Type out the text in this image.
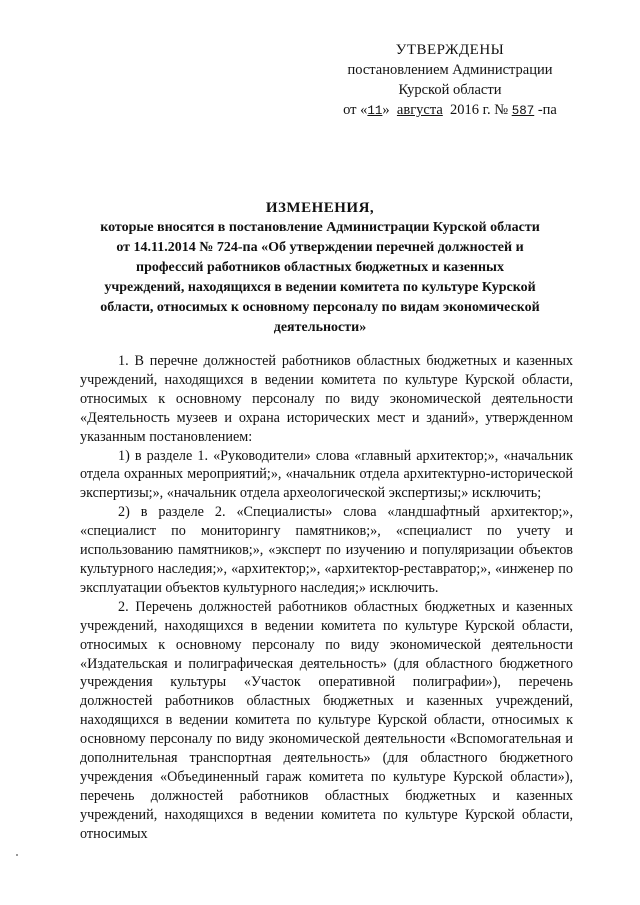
УТВЕРЖДЕНЫ
постановлением Администрации
Курской области
от «11» августа 2016 г. № 587 -па
ИЗМЕНЕНИЯ,
которые вносятся в постановление Администрации Курской области
от 14.11.2014 № 724-па «Об утверждении перечней должностей и
профессий работников областных бюджетных и казенных
учреждений, находящихся в ведении комитета по культуре Курской
области, относимых к основному персоналу по видам экономической
деятельности»

1. В перечне должностей работников областных бюджетных и казенных учреждений, находящихся в ведении комитета по культуре Курской области, относимых к основному персоналу по виду экономической деятельности «Деятельность музеев и охрана исторических мест и зданий», утвержденном указанным постановлением:

1) в разделе 1. «Руководители» слова «главный архитектор;», «начальник отдела охранных мероприятий;», «начальник отдела архитектурно-исторической экспертизы;», «начальник отдела археологической экспертизы;» исключить;

2) в разделе 2. «Специалисты» слова «ландшафтный архитектор;», «специалист по мониторингу памятников;», «специалист по учету и использованию памятников;», «эксперт по изучению и популяризации объектов культурного наследия;», «архитектор;», «архитектор-реставратор;», «инженер по эксплуатации объектов культурного наследия;» исключить.

2. Перечень должностей работников областных бюджетных и казенных учреждений, находящихся в ведении комитета по культуре Курской области, относимых к основному персоналу по виду экономической деятельности «Издательская и полиграфическая деятельность» (для областного бюджетного учреждения культуры «Участок оперативной полиграфии»), перечень должностей работников областных бюджетных и казенных учреждений, находящихся в ведении комитета по культуре Курской области, относимых к основному персоналу по виду экономической деятельности «Вспомогательная и дополнительная транспортная деятельность» (для областного бюджетного учреждения «Объединенный гараж комитета по культуре Курской области»), перечень должностей работников областных бюджетных и казенных учреждений, находящихся в ведении комитета по культуре Курской области, относимых
